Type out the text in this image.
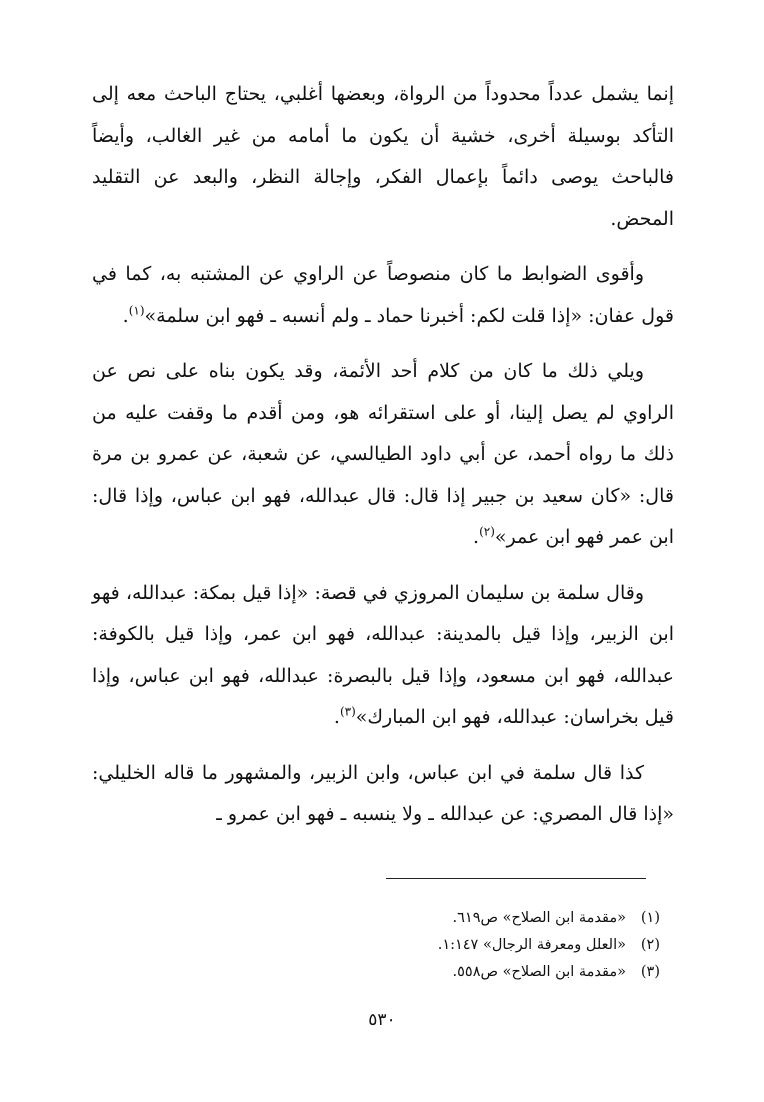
إنما يشمل عدداً محدوداً من الرواة، وبعضها أغلبي، يحتاج الباحث معه إلى التأكد بوسيلة أخرى، خشية أن يكون ما أمامه من غير الغالب، وأيضاً فالباحث يوصى دائماً بإعمال الفكر، وإجالة النظر، والبعد عن التقليد المحض.

وأقوى الضوابط ما كان منصوصاً عن الراوي عن المشتبه به، كما في قول عفان: «إذا قلت لكم: أخبرنا حماد ـ ولم أنسبه ـ فهو ابن سلمة»$^{(١)}$.

ويلي ذلك ما كان من كلام أحد الأئمة، وقد يكون بناه على نص عن الراوي لم يصل إلينا، أو على استقرائه هو، ومن أقدم ما وقفت عليه من ذلك ما رواه أحمد، عن أبي داود الطيالسي، عن شعبة، عن عمرو بن مرة قال: «كان سعيد بن جبير إذا قال: قال عبدالله، فهو ابن عباس، وإذا قال: ابن عمر فهو ابن عمر»$^{(٢)}$.

وقال سلمة بن سليمان المروزي في قصة: «إذا قيل بمكة: عبدالله، فهو ابن الزبير، وإذا قيل بالمدينة: عبدالله، فهو ابن عمر، وإذا قيل بالكوفة: عبدالله، فهو ابن مسعود، وإذا قيل بالبصرة: عبدالله، فهو ابن عباس، وإذا قيل بخراسان: عبدالله، فهو ابن المبارك»$^{(٣)}$.

كذا قال سلمة في ابن عباس، وابن الزبير، والمشهور ما قاله الخليلي: «إذا قال المصري: عن عبدالله ـ ولا ينسبه ـ فهو ابن عمرو ـ

(١)«مقدمة ابن الصلاح» ص٦١٩.
(٢)«العلل ومعرفة الرجال» ١:١٤٧.
(٣)«مقدمة ابن الصلاح» ص٥٥٨.
٥٣٠
